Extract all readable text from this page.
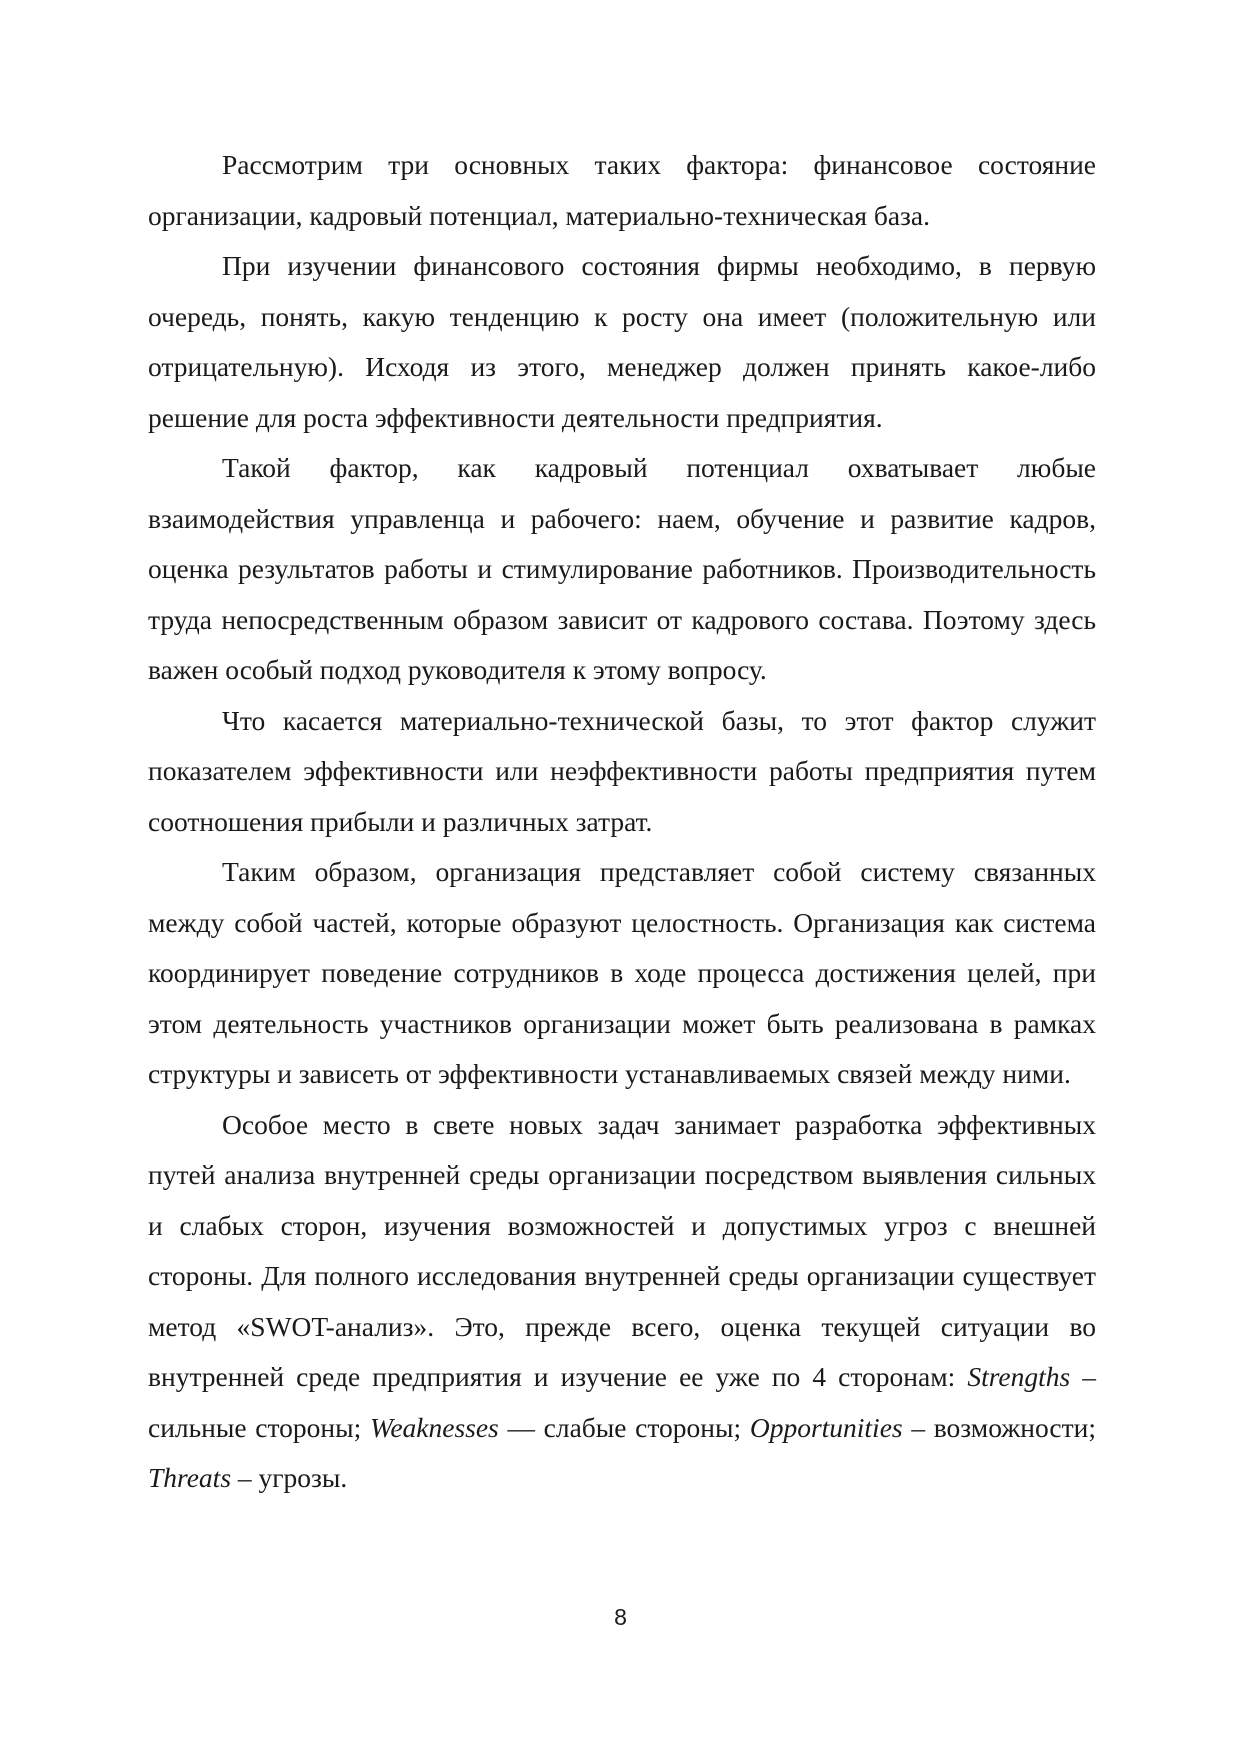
Рассмотрим три основных таких фактора: финансовое состояние организации, кадровый потенциал, материально-техническая база.

При изучении финансового состояния фирмы необходимо, в первую очередь, понять, какую тенденцию к росту она имеет (положительную или отрицательную). Исходя из этого, менеджер должен принять какое-либо решение для роста эффективности деятельности предприятия.

Такой фактор, как кадровый потенциал охватывает любые взаимодействия управленца и рабочего: наем, обучение и развитие кадров, оценка результатов работы и стимулирование работников. Производительность труда непосредственным образом зависит от кадрового состава. Поэтому здесь важен особый подход руководителя к этому вопросу.

Что касается материально-технической базы, то этот фактор служит показателем эффективности или неэффективности работы предприятия путем соотношения прибыли и различных затрат.

Таким образом, организация представляет собой систему связанных между собой частей, которые образуют целостность. Организация как система координирует поведение сотрудников в ходе процесса достижения целей, при этом деятельность участников организации может быть реализована в рамках структуры и зависеть от эффективности устанавливаемых связей между ними.

Особое место в свете новых задач занимает разработка эффективных путей анализа внутренней среды организации посредством выявления сильных и слабых сторон, изучения возможностей и допустимых угроз с внешней стороны. Для полного исследования внутренней среды организации существует метод «SWOT-анализ». Это, прежде всего, оценка текущей ситуации во внутренней среде предприятия и изучение ее уже по 4 сторонам: Strengths – сильные стороны; Weaknesses — слабые стороны; Opportunities – возможности; Threats – угрозы.

8
